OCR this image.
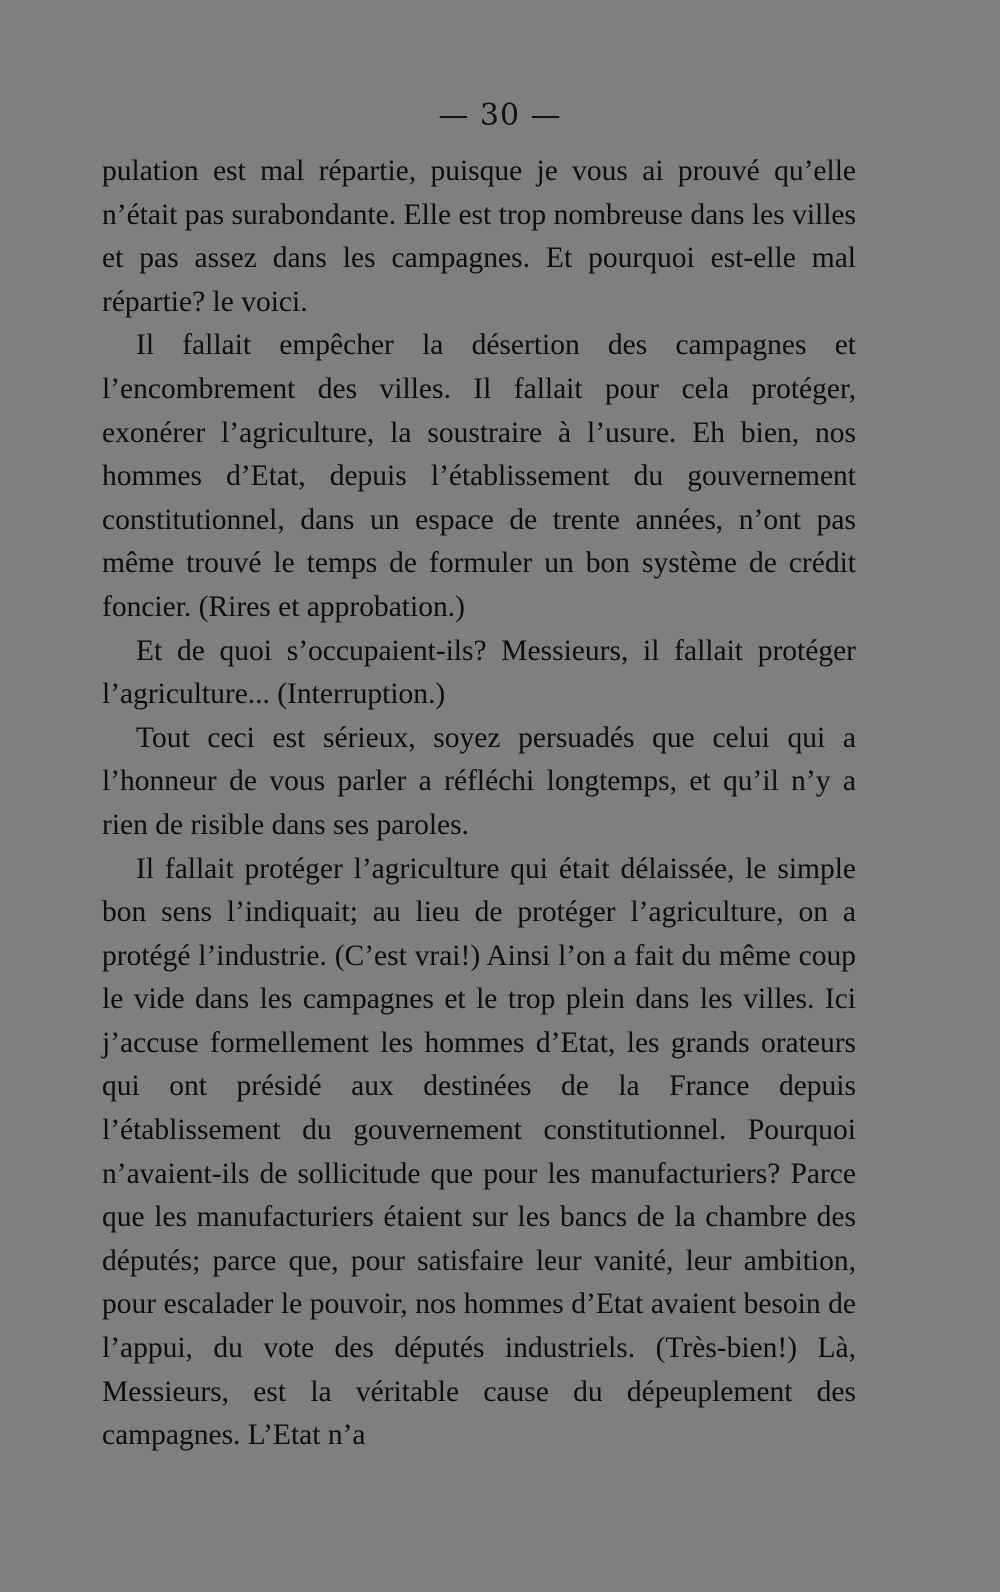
— 30 —

pulation est mal répartie, puisque je vous ai prouvé qu’elle n’était pas surabondante. Elle est trop nombreuse dans les villes et pas assez dans les campagnes. Et pourquoi est-elle mal répartie? le voici.

Il fallait empêcher la désertion des campagnes et l’encombrement des villes. Il fallait pour cela protéger, exonérer l’agriculture, la soustraire à l’usure. Eh bien, nos hommes d’Etat, depuis l’établissement du gouvernement constitutionnel, dans un espace de trente années, n’ont pas même trouvé le temps de formuler un bon système de crédit foncier. (Rires et approbation.)

Et de quoi s’occupaient-ils? Messieurs, il fallait protéger l’agriculture... (Interruption.)

Tout ceci est sérieux, soyez persuadés que celui qui a l’honneur de vous parler a réfléchi longtemps, et qu’il n’y a rien de risible dans ses paroles.

Il fallait protéger l’agriculture qui était délaissée, le simple bon sens l’indiquait; au lieu de protéger l’agriculture, on a protégé l’industrie. (C’est vrai!) Ainsi l’on a fait du même coup le vide dans les campagnes et le trop plein dans les villes. Ici j’accuse formellement les hommes d’Etat, les grands orateurs qui ont présidé aux destinées de la France depuis l’établissement du gouvernement constitutionnel. Pourquoi n’avaient-ils de sollicitude que pour les manufacturiers? Parce que les manufacturiers étaient sur les bancs de la chambre des députés; parce que, pour satisfaire leur vanité, leur ambition, pour escalader le pouvoir, nos hommes d’Etat avaient besoin de l’appui, du vote des députés industriels. (Très-bien!) Là, Messieurs, est la véritable cause du dépeuplement des campagnes. L’Etat n’a
